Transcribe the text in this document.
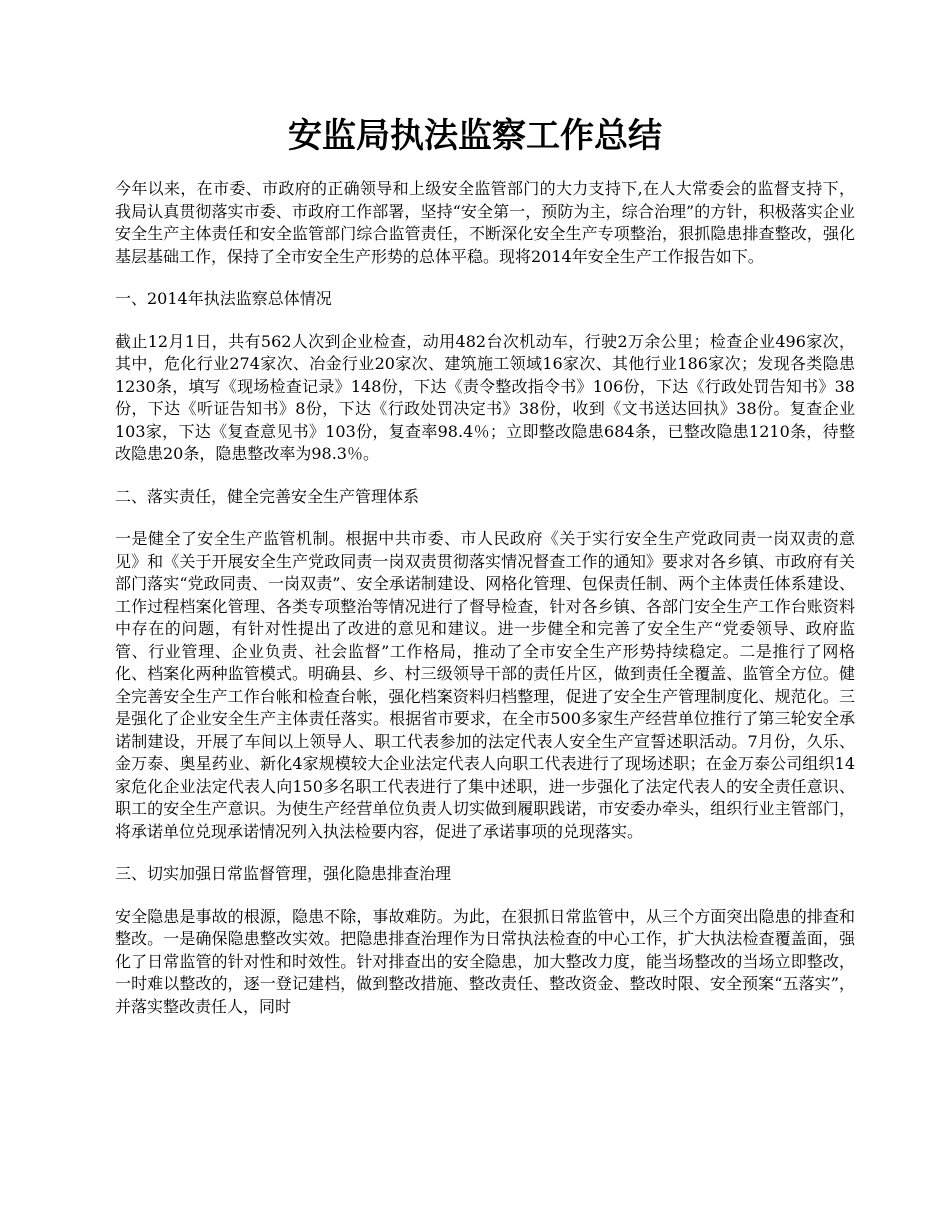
安监局执法监察工作总结

今年以来，在市委、市政府的正确领导和上级安全监管部门的大力支持下,在人大常委会的监督支持下，我局认真贯彻落实市委、市政府工作部署，坚持“安全第一，预防为主，综合治理”的方针，积极落实企业安全生产主体责任和安全监管部门综合监管责任，不断深化安全生产专项整治，狠抓隐患排查整改，强化基层基础工作，保持了全市安全生产形势的总体平稳。现将2014年安全生产工作报告如下。

一、2014年执法监察总体情况

截止12月1日，共有562人次到企业检查，动用482台次机动车，行驶2万余公里；检查企业496家次，其中，危化行业274家次、冶金行业20家次、建筑施工领域16家次、其他行业186家次；发现各类隐患1230条，填写《现场检查记录》148份，下达《责令整改指令书》106份，下达《行政处罚告知书》38份，下达《听证告知书》8份，下达《行政处罚决定书》38份，收到《文书送达回执》38份。复查企业103家，下达《复查意见书》103份，复查率98.4％；立即整改隐患684条，已整改隐患1210条，待整改隐患20条，隐患整改率为98.3％。

二、落实责任，健全完善安全生产管理体系

一是健全了安全生产监管机制。根据中共市委、市人民政府《关于实行安全生产党政同责一岗双责的意见》和《关于开展安全生产党政同责一岗双责贯彻落实情况督查工作的通知》要求对各乡镇、市政府有关部门落实“党政同责、一岗双责”、安全承诺制建设、网格化管理、包保责任制、两个主体责任体系建设、工作过程档案化管理、各类专项整治等情况进行了督导检查，针对各乡镇、各部门安全生产工作台账资料中存在的问题，有针对性提出了改进的意见和建议。进一步健全和完善了安全生产“党委领导、政府监管、行业管理、企业负责、社会监督”工作格局，推动了全市安全生产形势持续稳定。二是推行了网格化、档案化两种监管模式。明确县、乡、村三级领导干部的责任片区，做到责任全覆盖、监管全方位。健全完善安全生产工作台帐和检查台帐，强化档案资料归档整理，促进了安全生产管理制度化、规范化。三是强化了企业安全生产主体责任落实。根据省市要求，在全市500多家生产经营单位推行了第三轮安全承诺制建设，开展了车间以上领导人、职工代表参加的法定代表人安全生产宣誓述职活动。7月份，久乐、金万泰、奥星药业、新化4家规模较大企业法定代表人向职工代表进行了现场述职；在金万泰公司组织14家危化企业法定代表人向150多名职工代表进行了集中述职，进一步强化了法定代表人的安全责任意识、职工的安全生产意识。为使生产经营单位负责人切实做到履职践诺，市安委办牵头，组织行业主管部门，将承诺单位兑现承诺情况列入执法检要内容，促进了承诺事项的兑现落实。

三、切实加强日常监督管理，强化隐患排查治理

安全隐患是事故的根源，隐患不除，事故难防。为此，在狠抓日常监管中，从三个方面突出隐患的排查和整改。一是确保隐患整改实效。把隐患排查治理作为日常执法检查的中心工作，扩大执法检查覆盖面，强化了日常监管的针对性和时效性。针对排查出的安全隐患，加大整改力度，能当场整改的当场立即整改，一时难以整改的，逐一登记建档，做到整改措施、整改责任、整改资金、整改时限、安全预案“五落实”，并落实整改责任人，同时
